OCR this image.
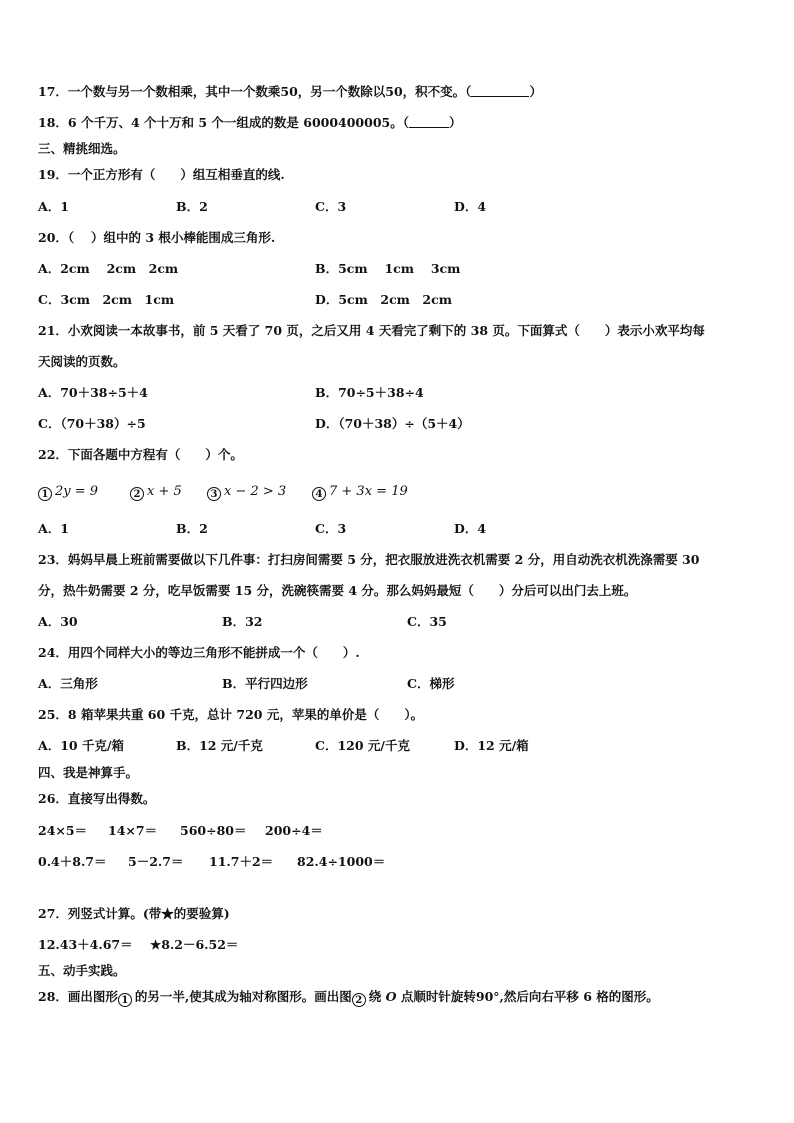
17．一个数与另一个数相乘，其中一个数乘50，另一个数除以50，积不变。（	）
18．6 个千万、4 个十万和 5 个一组成的数是 6000400005。（	）
三、精挑细选。
19．一个正方形有（　　）组互相垂直的线.
A．1	B．2	C．3	D．4
20．（　 ）组中的 3 根小棒能围成三角形.
A．2cm　 2cm　2cm	B．5cm　 1cm　 3cm
C．3cm　2cm　1cm	D．5cm　2cm　2cm
21．小欢阅读一本故事书，前 5 天看了 70 页，之后又用 4 天看完了剩下的 38 页。下面算式（　　）表示小欢平均每
天阅读的页数。
A．70＋38÷5＋4	B．70÷5＋38÷4
C．（70＋38）÷5	D．（70＋38）÷（5＋4）
22．下面各题中方程有（　　）个。
1 2y = 9	2 x + 5	3 x − 2 > 3	4 7 + 3x = 19
A．1	B．2	C．3	D．4
23．妈妈早晨上班前需要做以下几件事：打扫房间需要 5 分，把衣服放进洗衣机需要 2 分，用自动洗衣机洗涤需要 30
分，热牛奶需要 2 分，吃早饭需要 15 分，洗碗筷需要 4 分。那么妈妈最短（　　）分后可以出门去上班。
A．30	B．32	C．35
24．用四个同样大小的等边三角形不能拼成一个（　　）.
A．三角形	B．平行四边形	C．梯形
25．8 箱苹果共重 60 千克，总计 720 元，苹果的单价是（　　）。
A．10 千克/箱	B．12 元/千克	C．120 元/千克	D．12 元/箱
四、我是神算手。
26．直接写出得数。
24×5＝ 14×7＝ 560÷80＝ 200÷4＝
0.4＋8.7＝ 5－2.7＝ 11.7＋2＝ 82.4÷1000＝
27．列竖式计算。(带★的要验算)
12.43＋4.67＝ ★8.2－6.52＝
五、动手实践。
28．画出图形 1 的另一半,使其成为轴对称图形。画出图 2 绕 O 点顺时针旋转90°,然后向右平移 6 格的图形。
